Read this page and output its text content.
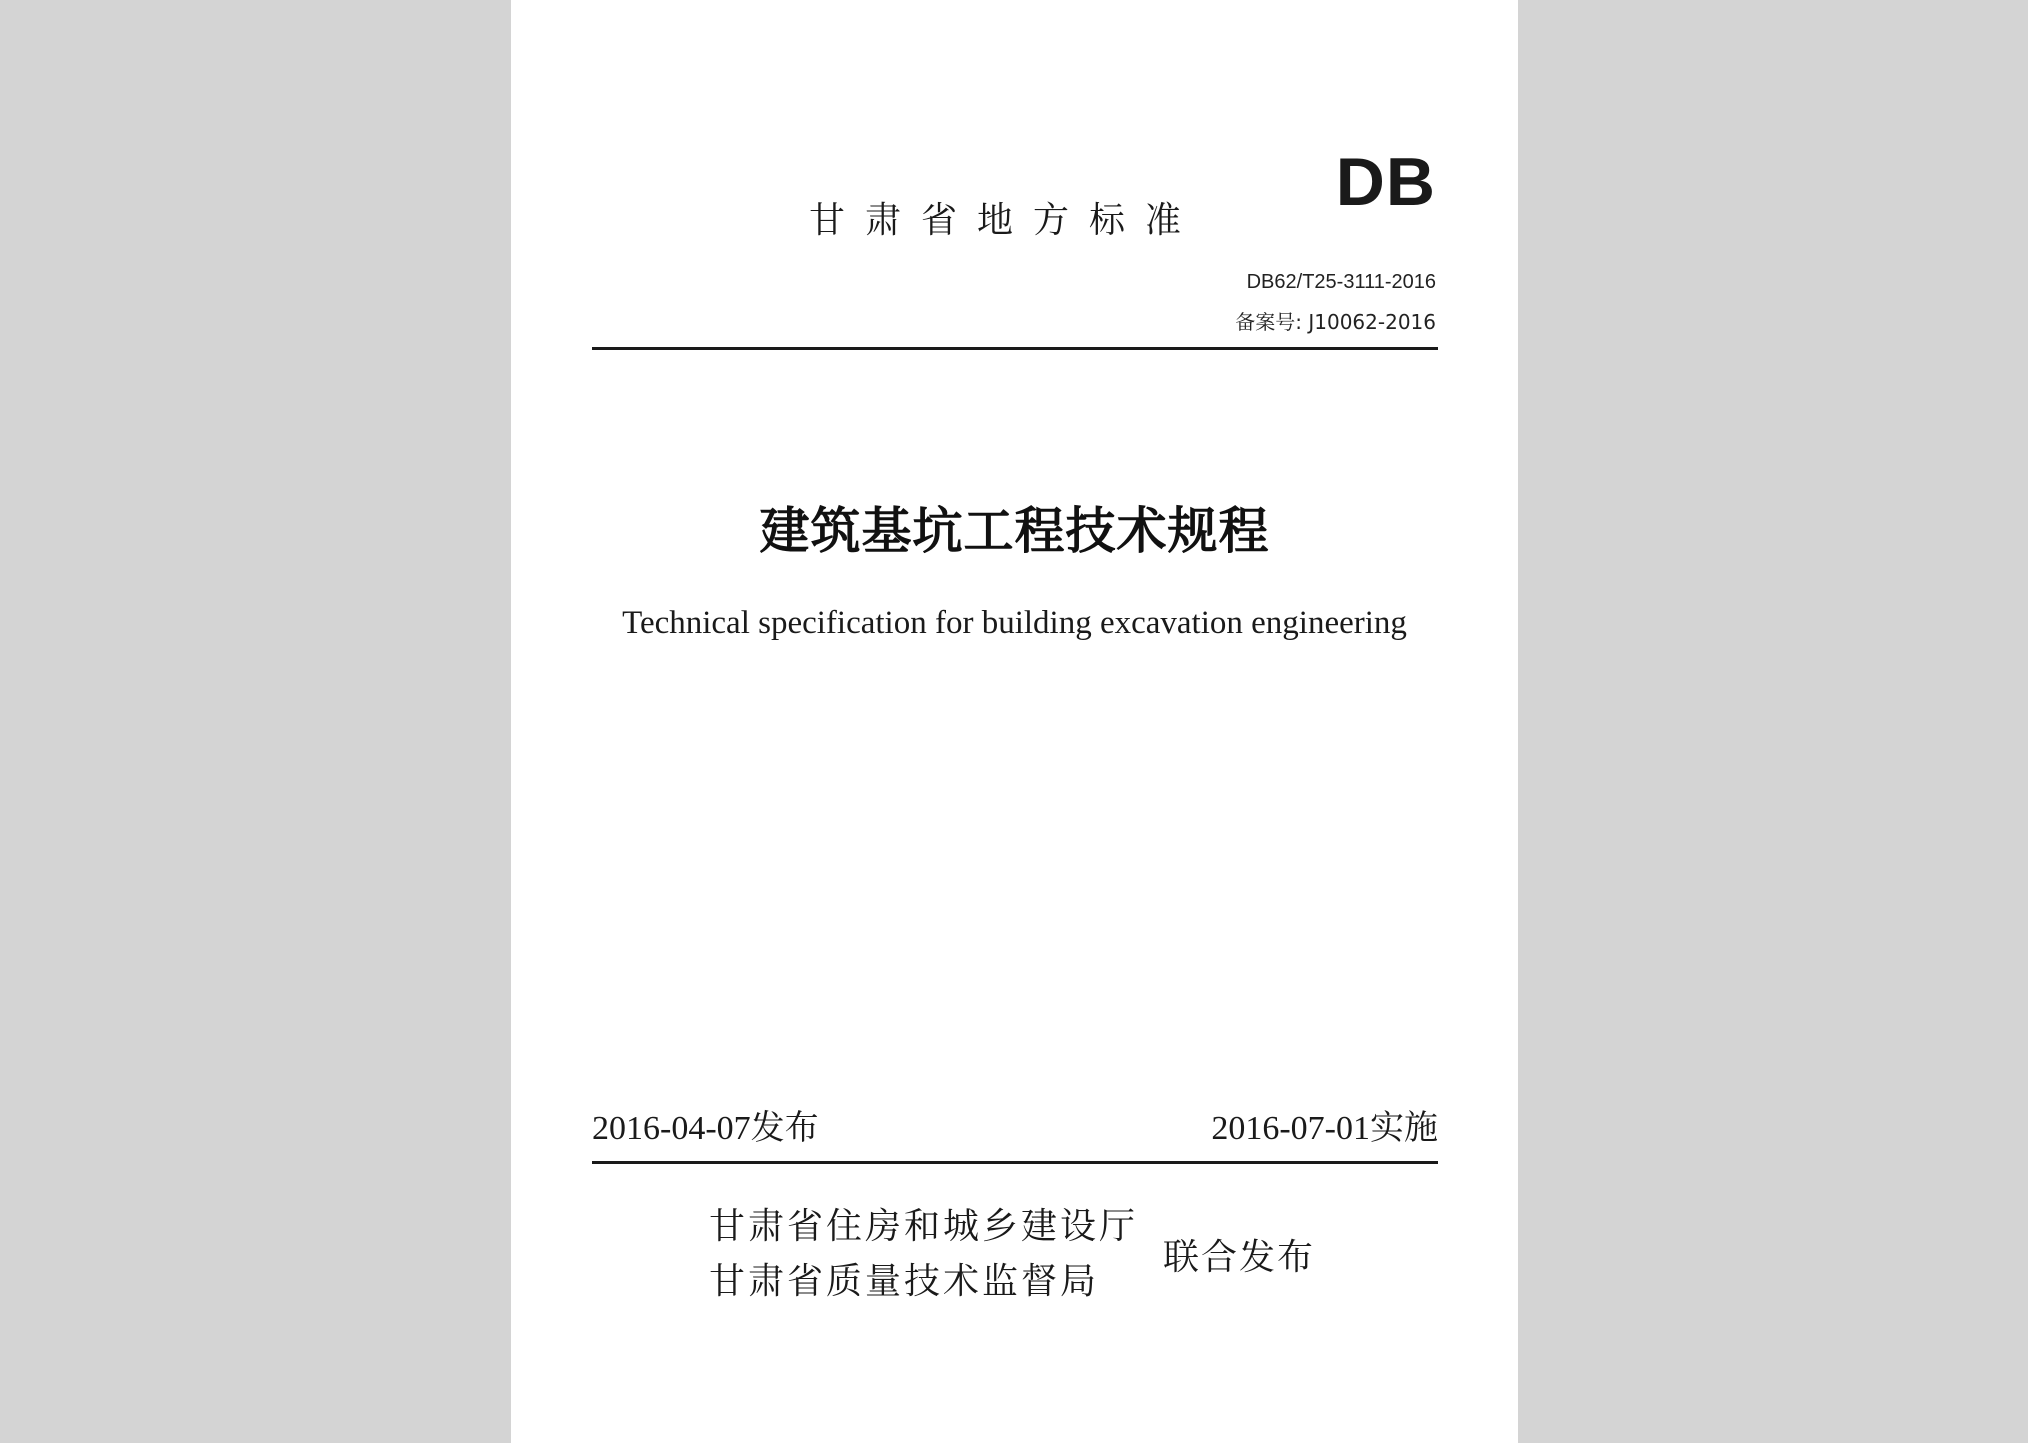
DB
甘肃省地方标准
DB62/T25-3111-2016
备案号: J10062-2016
建筑基坑工程技术规程
Technical specification for building excavation engineering
2016-04-07发布	2016-07-01实施
甘肃省住房和城乡建设厅
甘肃省质量技术监督局
联合发布
